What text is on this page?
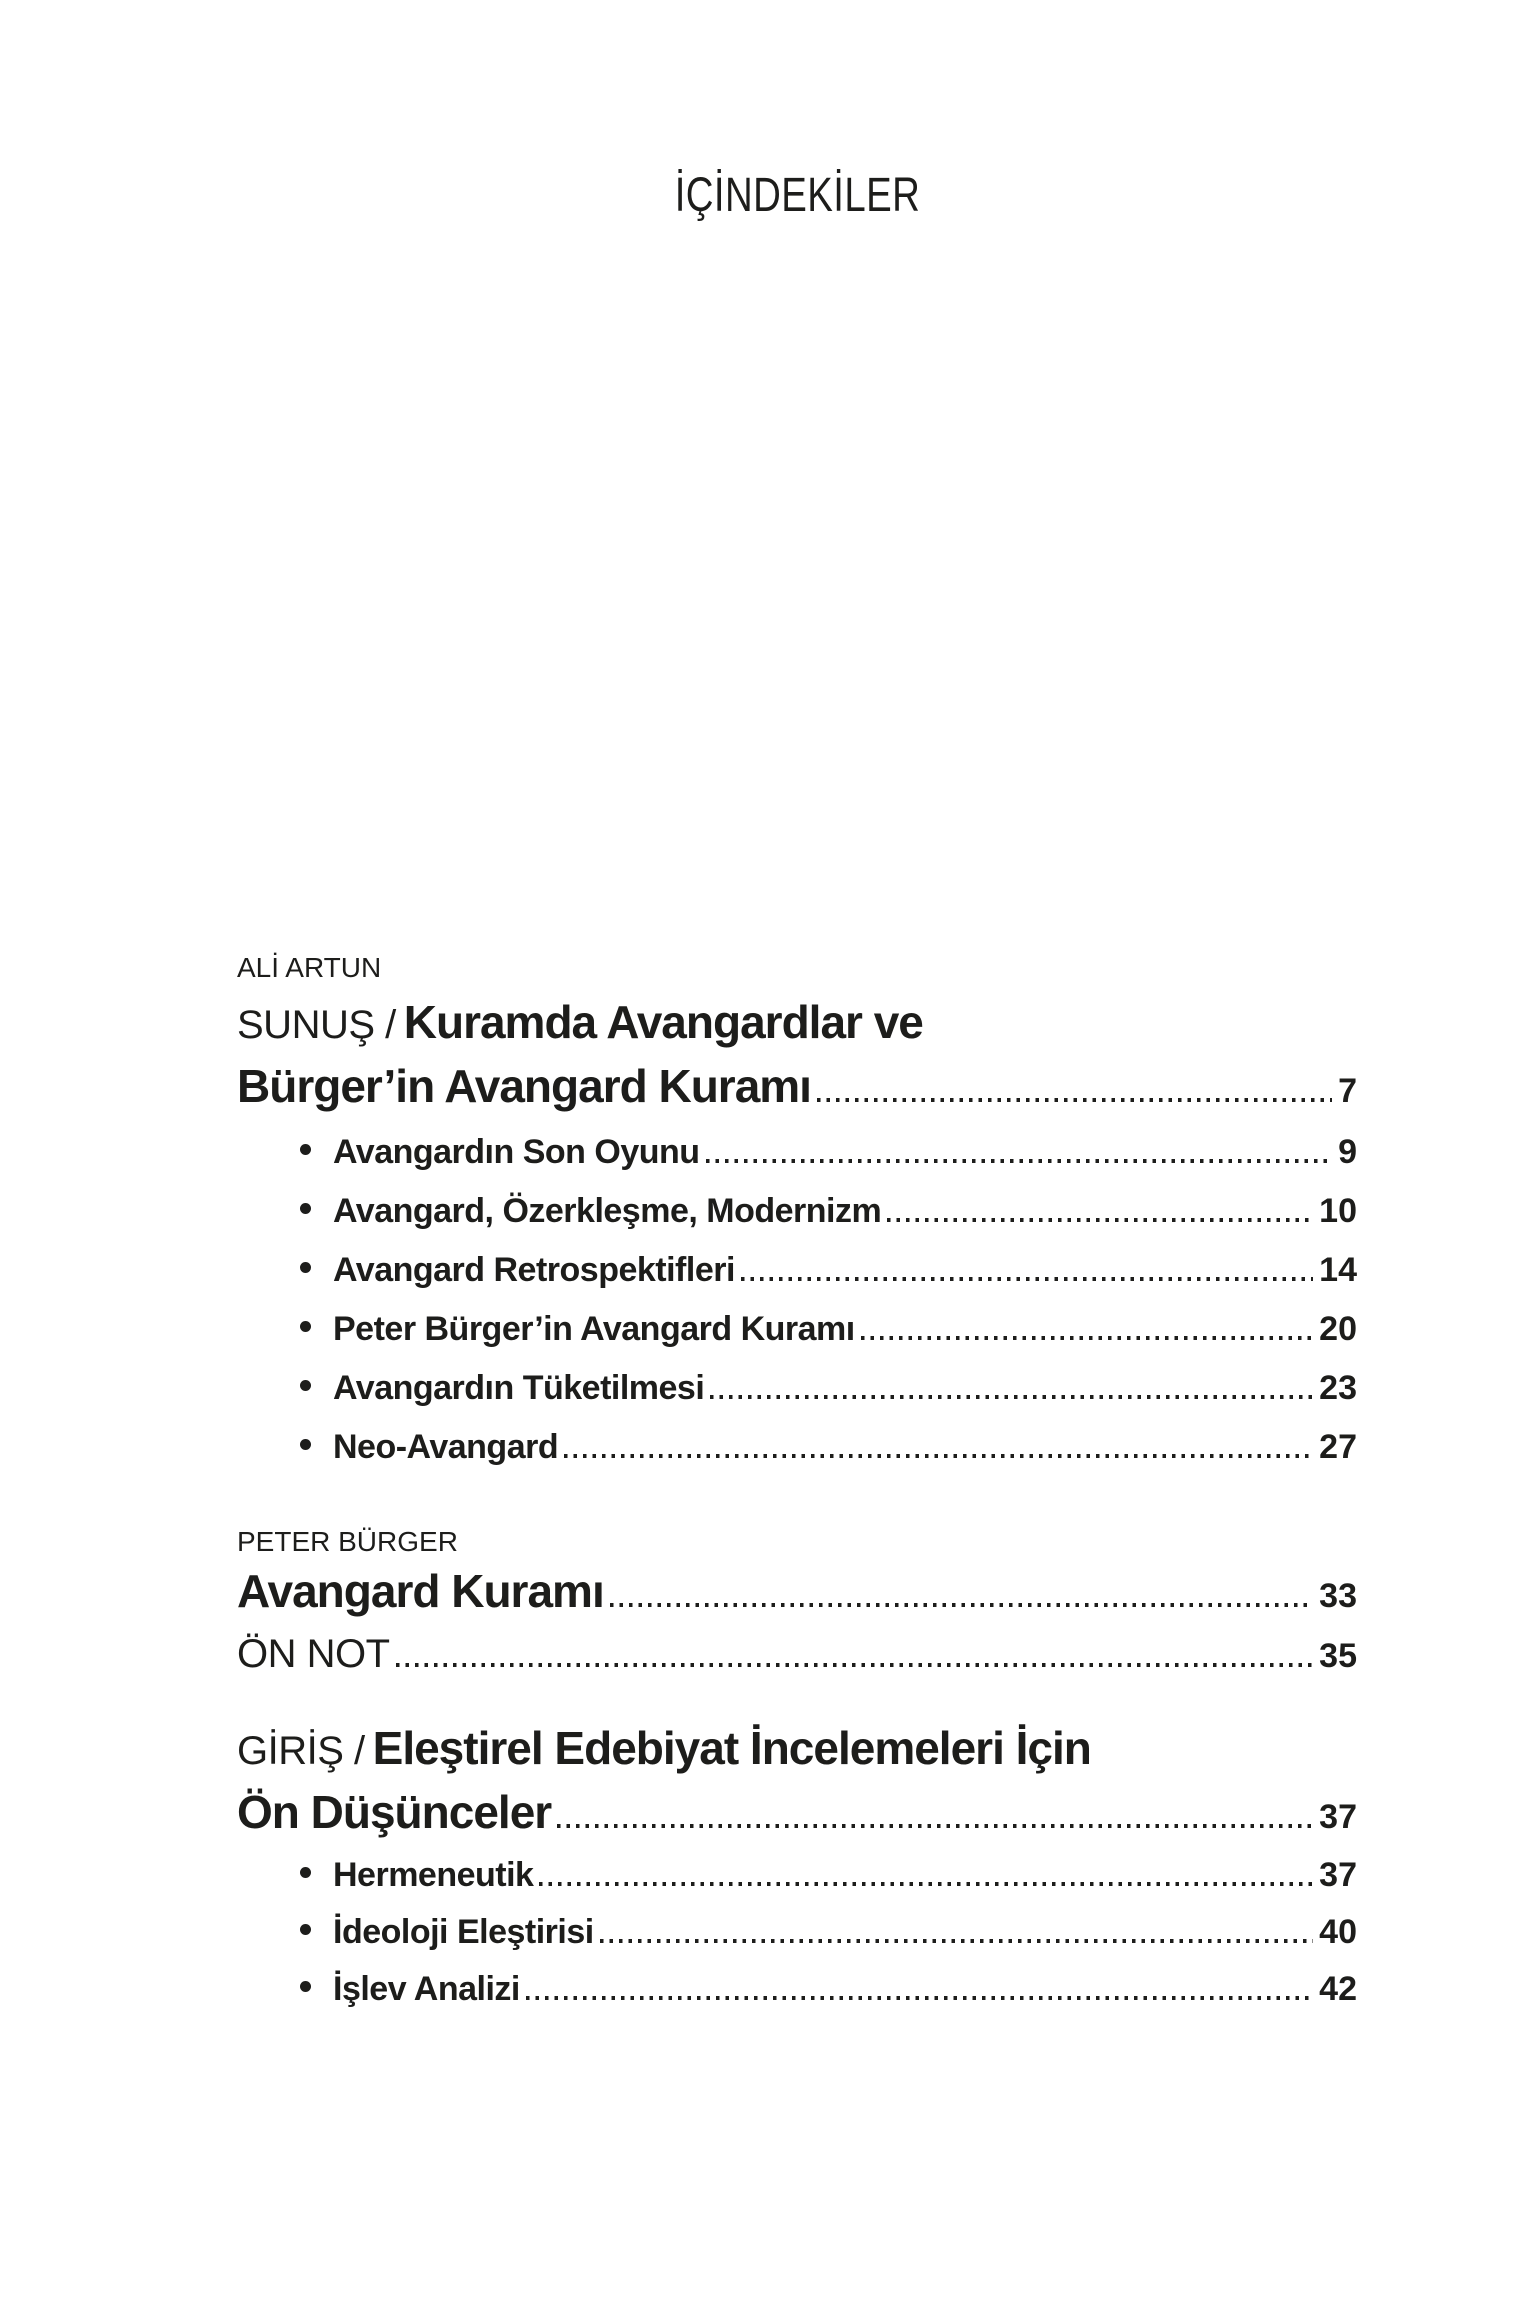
İÇİNDEKİLER
ALİ ARTUN
SUNUŞ / Kuramda Avangardlar ve
Bürger’in Avangard Kuramı	7
Avangardın Son Oyunu	9
Avangard, Özerkleşme, Modernizm	10
Avangard Retrospektifleri	14
Peter Bürger’in Avangard Kuramı	20
Avangardın Tüketilmesi	23
Neo-Avangard	27
PETER BÜRGER
Avangard Kuramı	33
ÖN NOT	35
GİRİŞ / Eleştirel Edebiyat İncelemeleri İçin
Ön Düşünceler	37
Hermeneutik	37
İdeoloji Eleştirisi	40
İşlev Analizi	42
